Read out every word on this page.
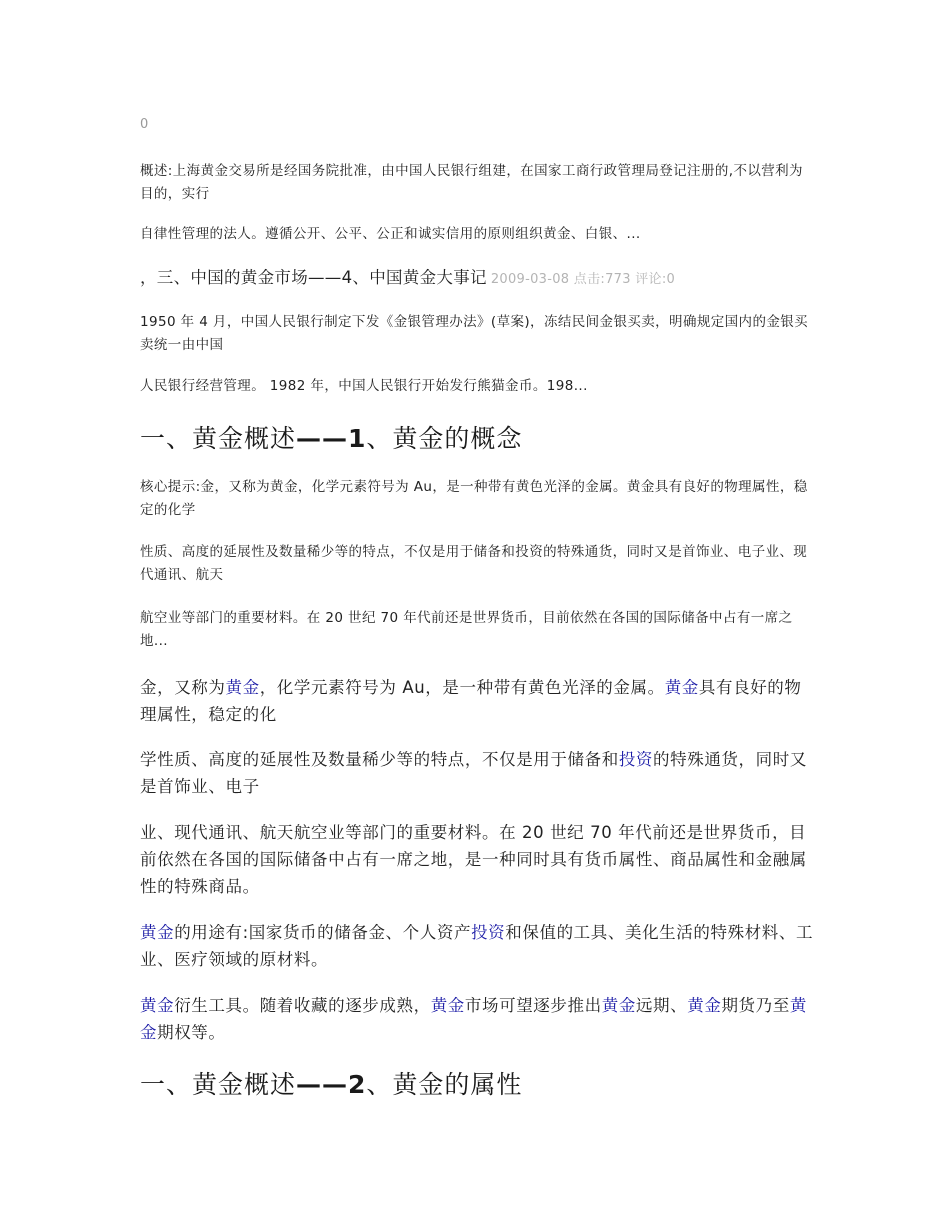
0
概述:上海黄金交易所是经国务院批准，由中国人民银行组建，在国家工商行政管理局登记注册的,不以营利为目的，实行
自律性管理的法人。遵循公开、公平、公正和诚实信用的原则组织黄金、白银、...
，三、中国的黄金市场——4、中国黄金大事记 2009-03-08 点击:773 评论:0
1950 年 4 月，中国人民银行制定下发《金银管理办法》(草案)，冻结民间金银买卖，明确规定国内的金银买卖统一由中国
人民银行经营管理。 1982 年，中国人民银行开始发行熊猫金币。198...
一、黄金概述——1、黄金的概念
核心提示:金，又称为黄金，化学元素符号为 Au，是一种带有黄色光泽的金属。黄金具有良好的物理属性，稳定的化学
性质、高度的延展性及数量稀少等的特点，不仅是用于储备和投资的特殊通货，同时又是首饰业、电子业、现代通讯、航天
航空业等部门的重要材料。在 20 世纪 70 年代前还是世界货币，目前依然在各国的国际储备中占有一席之地...
金，又称为黄金，化学元素符号为 Au，是一种带有黄色光泽的金属。黄金具有良好的物理属性，稳定的化
学性质、高度的延展性及数量稀少等的特点，不仅是用于储备和投资的特殊通货，同时又是首饰业、电子
业、现代通讯、航天航空业等部门的重要材料。在 20 世纪 70 年代前还是世界货币，目前依然在各国的国际储备中占有一席之地，是一种同时具有货币属性、商品属性和金融属性的特殊商品。
黄金的用途有:国家货币的储备金、个人资产投资和保值的工具、美化生活的特殊材料、工业、医疗领域的原材料。
黄金衍生工具。随着收藏的逐步成熟，黄金市场可望逐步推出黄金远期、黄金期货乃至黄金期权等。
一、黄金概述——2、黄金的属性
